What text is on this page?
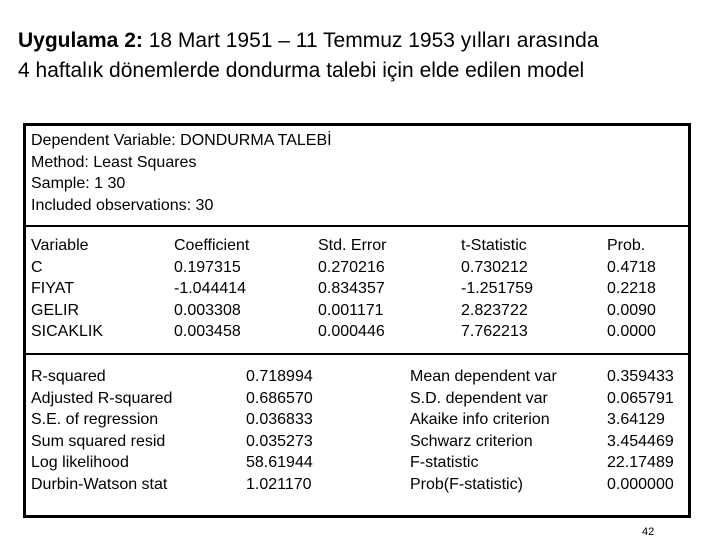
Uygulama 2: 18 Mart 1951 – 11 Temmuz 1953 yılları arasında
4 haftalık dönemlerde dondurma talebi için elde edilen model
Dependent Variable: DONDURMA TALEBİ
Method: Least Squares
Sample: 1 30
Included observations: 30
Variable
C
FIYAT
GELIR
SICAKLIK
Coefficient
0.197315
-1.044414
0.003308
0.003458
Std. Error
0.270216
0.834357
0.001171
0.000446
t-Statistic
0.730212
-1.251759
2.823722
7.762213
Prob.
0.4718
0.2218
0.0090
0.0000
R-squared
Adjusted R-squared
S.E. of regression
Sum squared resid
Log likelihood
Durbin-Watson stat
0.718994
0.686570
0.036833
0.035273
58.61944
1.021170
Mean dependent var
S.D. dependent var
Akaike info criterion
Schwarz criterion
F-statistic
Prob(F-statistic)
0.359433
0.065791
3.64129
3.454469
22.17489
0.000000
42
